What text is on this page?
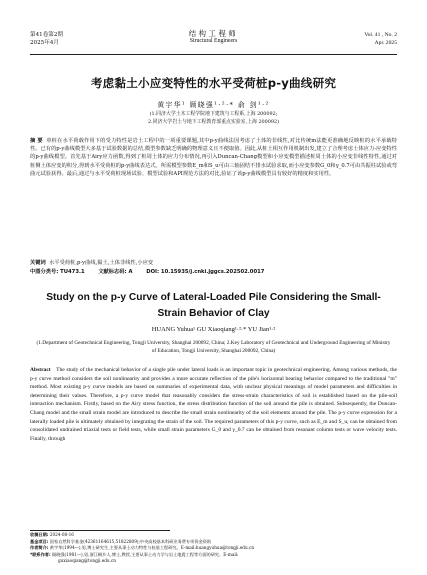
第41卷第2期
2025年4月
结构工程师
Structural Engineers
Vol. 41 , No. 2
Apr. 2025
考虑黏土小应变特性的水平受荷桩p-y曲线研究
黄宇华¹ 顾晓强¹·²·* 俞 剑¹·²
(1.同济大学土木工程学院地下建筑与工程系,上海 200092;
2.同济大学岩土与地下工程教育部重点实验室,上海 200092)
摘 要 单桩在水平荷载作用下的受力特性是岩土工程中的一项重要课题,其中p-y曲线法因考虑了土体的非线性,对比传统m法能更准确地反映桩的水平承载特性。已有的p-y曲线模型大多基于试验数据的总结,模型参数缺乏明确的物理意义且不便取值。因此,从桩土相互作用机制出发,建立了合理考虑土体应力-应变特性的p-y曲线模型。首先基于Airy应力函数,得到了桩周土体的应力分布情况,再引入Duncan-Chang模型和小应变模型描述桩周土体的小应变非线性特性,通过对桩侧土体应变的积分,得到水平受荷桩的p-y曲线表达式。所需模型参数E_m和S_u可由三轴固结不排水试验求取,而小应变参数G_0和γ_0.7可由共振柱试验或弯曲元试验获得。最后,通过与水平受荷桩现场试验、模型试验和API规范方法的对比,验证了该p-y曲线模型具有较好的精度和实用性。
关键词 水平受荷桩,p-y曲线,黏土,土体非线性,小应变
中图分类号: TU473.1	文献标志码: A	DOI: 10.15935/j.cnki.jggcs.202502.0017
Study on the p-y Curve of Lateral-Loaded Pile Considering the Small-Strain Behavior of Clay
HUANG Yuhua¹ GU Xiaoqiang¹·²·* YU Jian¹·²
(1.Department of Geotechnical Engineering, Tongji University, Shanghai 200092, China; 2.Key Laboratory of Geotechnical and Underground Engineering of Ministry of Education, Tongji University, Shanghai 200092, China)
Abstract The study of the mechanical behavior of a single pile under lateral loads is an important topic in geotechnical engineering. Among various methods, the p-y curve method considers the soil nonlinearity and provides a more accurate reflection of the pile's horizontal bearing behavior compared to the traditional "m" method. Most existing p-y curve models are based on summaries of experimental data, with unclear physical meanings of model parameters and difficulties in determining their values. Therefore, a p-y curve model that reasonably considers the stress-strain characteristics of soil is established based on the pile-soil interaction mechanism. Firstly, based on the Airy stress function, the stress distribution function of the soil around the pile is obtained. Subsequently, the Duncan-Chang model and the small strain model are introduced to describe the small strain nonlinearity of the soil elements around the pile. The p-y curve expression for a laterally loaded pile is ultimately obtained by integrating the strain of the soil. The required parameters of this p-y curve, such as E_m and S_u, can be obtained from consolidated undrained triaxial tests or field tests, while small strain parameters G_0 and γ_0.7 can be obtained from resonant column tests or wave velocity tests. Finally, through
收稿日期: 2024-08-16
基金项目: 国家自然科学基金(42361164615,51822809);中央高校基本科研业务费专项资金资助
作者简介: 黄宇华(1994—),男,博士研究生,主要从事土动力特性与桩基工程研究。E-mail:huangyuhua@tongji.edu.cn
*联系作者: 顾晓强(1981—),男,浙江桐乡人,博士,教授,主要从事土动力学与岩土地震工程等方面的研究。E-mail:
guxiaoqiang@tongji.edu.cn
